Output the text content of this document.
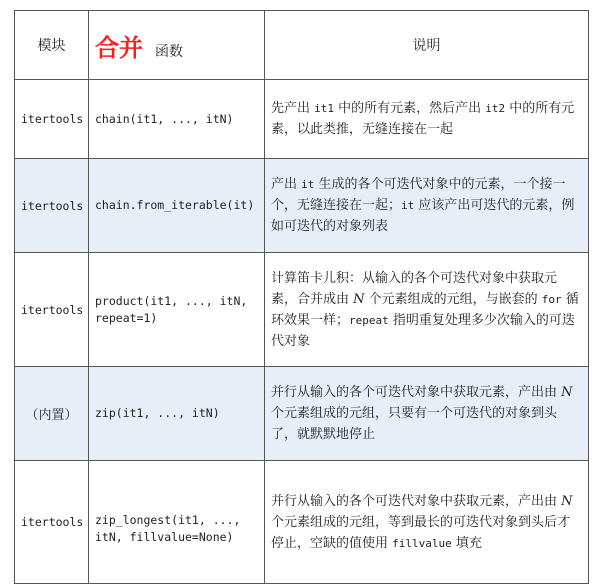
模块	合并 函数	说明
itertools	chain(it1, ..., itN)	先产出 it1 中的所有元素，然后产出 it2 中的所有元素，以此类推，无缝连接在一起
itertools	chain.from_iterable(it)	产出 it 生成的各个可迭代对象中的元素，一个接一个，无缝连接在一起；it 应该产出可迭代的元素，例如可迭代的对象列表
itertools	product(it1, ..., itN, repeat=1)	计算笛卡儿积：从输入的各个可迭代对象中获取元素，合并成由 N 个元素组成的元组，与嵌套的 for 循环效果一样；repeat 指明重复处理多少次输入的可迭代对象
（内置）	zip(it1, ..., itN)	并行从输入的各个可迭代对象中获取元素，产出由 N 个元素组成的元组，只要有一个可迭代的对象到头了，就默默地停止
itertools	zip_longest(it1, ..., itN, fillvalue=None)	并行从输入的各个可迭代对象中获取元素，产出由 N 个元素组成的元组，等到最长的可迭代对象到头后才停止，空缺的值使用 fillvalue 填充
